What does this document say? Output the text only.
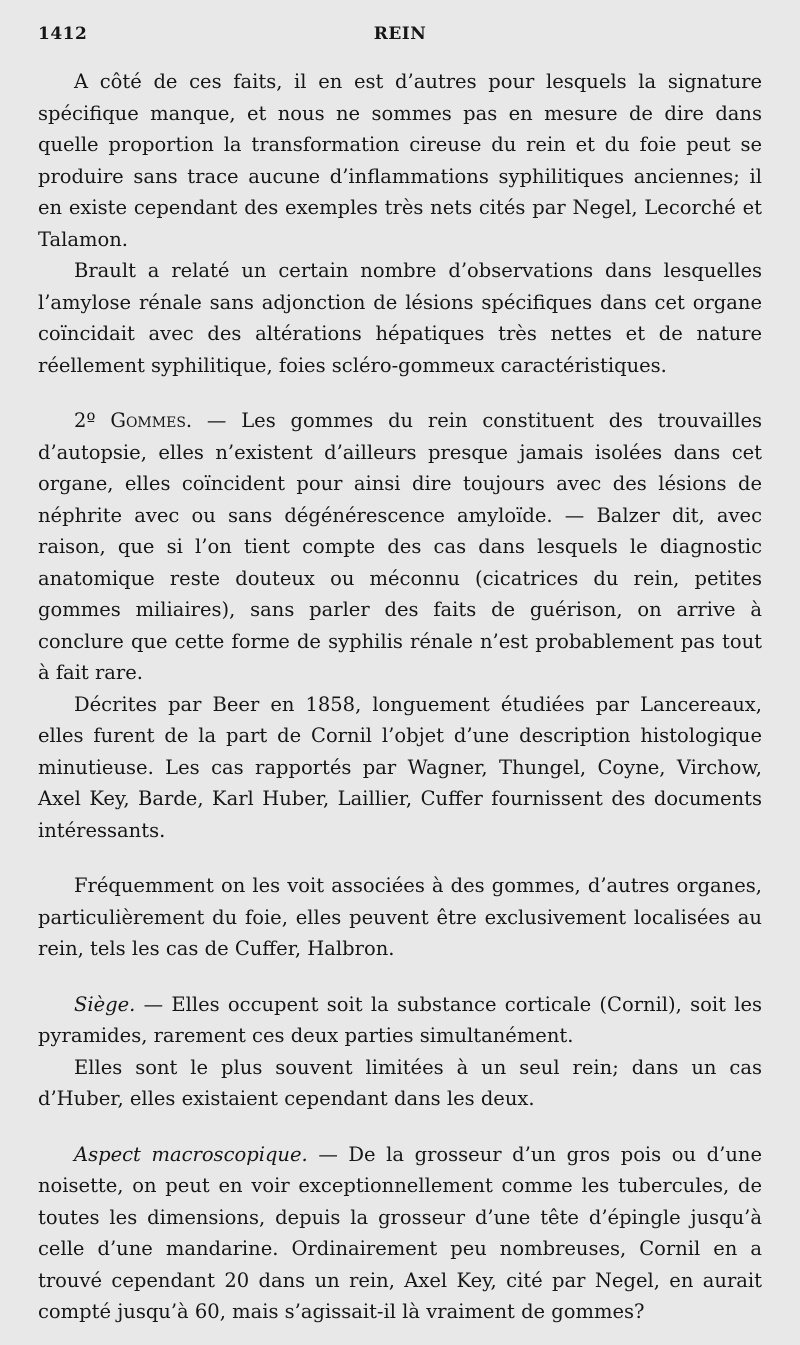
1412	REIN

A côté de ces faits, il en est d’autres pour lesquels la signature spécifique manque, et nous ne sommes pas en mesure de dire dans quelle proportion la transformation cireuse du rein et du foie peut se produire sans trace aucune d’inflammations syphilitiques anciennes; il en existe cependant des exemples très nets cités par Negel, Lecorché et Talamon.

Brault a relaté un certain nombre d’observations dans lesquelles l’amylose rénale sans adjonction de lésions spécifiques dans cet organe coïncidait avec des altérations hépatiques très nettes et de nature réellement syphilitique, foies scléro-gommeux caractéristiques.

2º Gommes. — Les gommes du rein constituent des trouvailles d’autopsie, elles n’existent d’ailleurs presque jamais isolées dans cet organe, elles coïncident pour ainsi dire toujours avec des lésions de néphrite avec ou sans dégénérescence amyloïde. — Balzer dit, avec raison, que si l’on tient compte des cas dans lesquels le diagnostic anatomique reste douteux ou méconnu (cicatrices du rein, petites gommes miliaires), sans parler des faits de guérison, on arrive à conclure que cette forme de syphilis rénale n’est probablement pas tout à fait rare.

Décrites par Beer en 1858, longuement étudiées par Lancereaux, elles furent de la part de Cornil l’objet d’une description histologique minutieuse. Les cas rapportés par Wagner, Thungel, Coyne, Virchow, Axel Key, Barde, Karl Huber, Laillier, Cuffer fournissent des documents intéressants.

Fréquemment on les voit associées à des gommes, d’autres organes, particulièrement du foie, elles peuvent être exclusivement localisées au rein, tels les cas de Cuffer, Halbron.

Siège. — Elles occupent soit la substance corticale (Cornil), soit les pyramides, rarement ces deux parties simultanément.

Elles sont le plus souvent limitées à un seul rein; dans un cas d’Huber, elles existaient cependant dans les deux.

Aspect macroscopique. — De la grosseur d’un gros pois ou d’une noisette, on peut en voir exceptionnellement comme les tubercules, de toutes les dimensions, depuis la grosseur d’une tête d’épingle jusqu’à celle d’une mandarine. Ordinairement peu nombreuses, Cornil en a trouvé cependant 20 dans un rein, Axel Key, cité par Negel, en aurait compté jusqu’à 60, mais s’agissait-il là vraiment de gommes?
